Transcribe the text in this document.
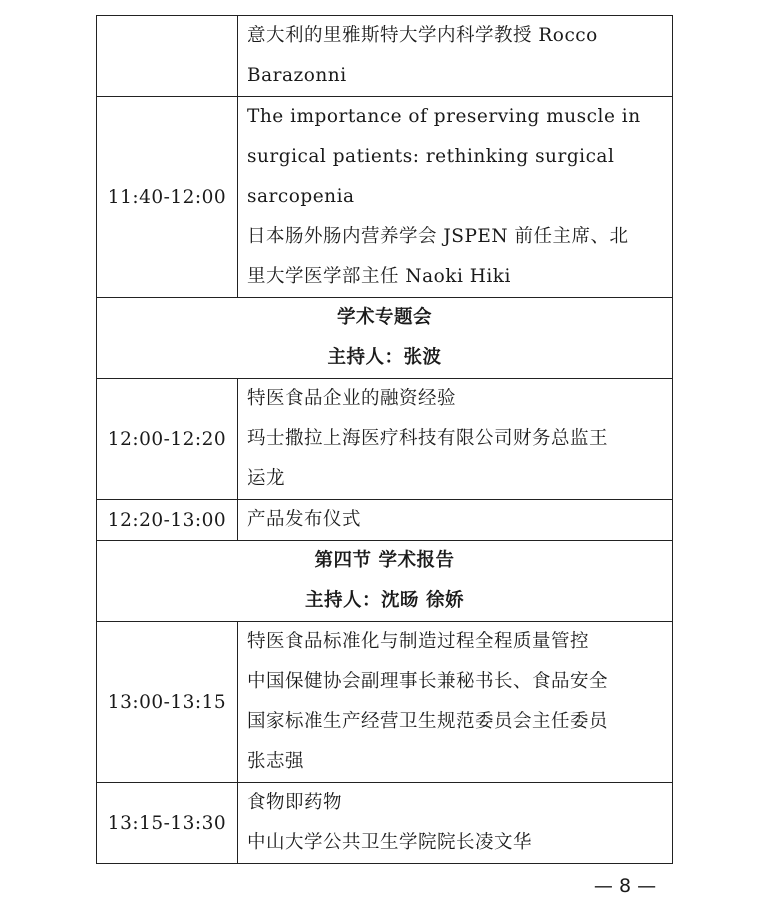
	意大利的里雅斯特大学内科学教授 Rocco
Barazonni

11:40-12:00	The importance of preserving muscle in
surgical patients: rethinking surgical
sarcopenia
日本肠外肠内营养学会 JSPEN 前任主席、北
里大学医学部主任 Naoki Hiki

学术专题会
主持人：张波	

12:00-12:20	特医食品企业的融资经验
玛士撒拉上海医疗科技有限公司财务总监王
运龙

12:20-13:00	产品发布仪式

第四节 学术报告
主持人：沈旸 徐娇	

13:00-13:15	特医食品标准化与制造过程全程质量管控
中国保健协会副理事长兼秘书长、食品安全
国家标准生产经营卫生规范委员会主任委员
张志强

13:15-13:30	食物即药物
中山大学公共卫生学院院长凌文华
— 8 —
